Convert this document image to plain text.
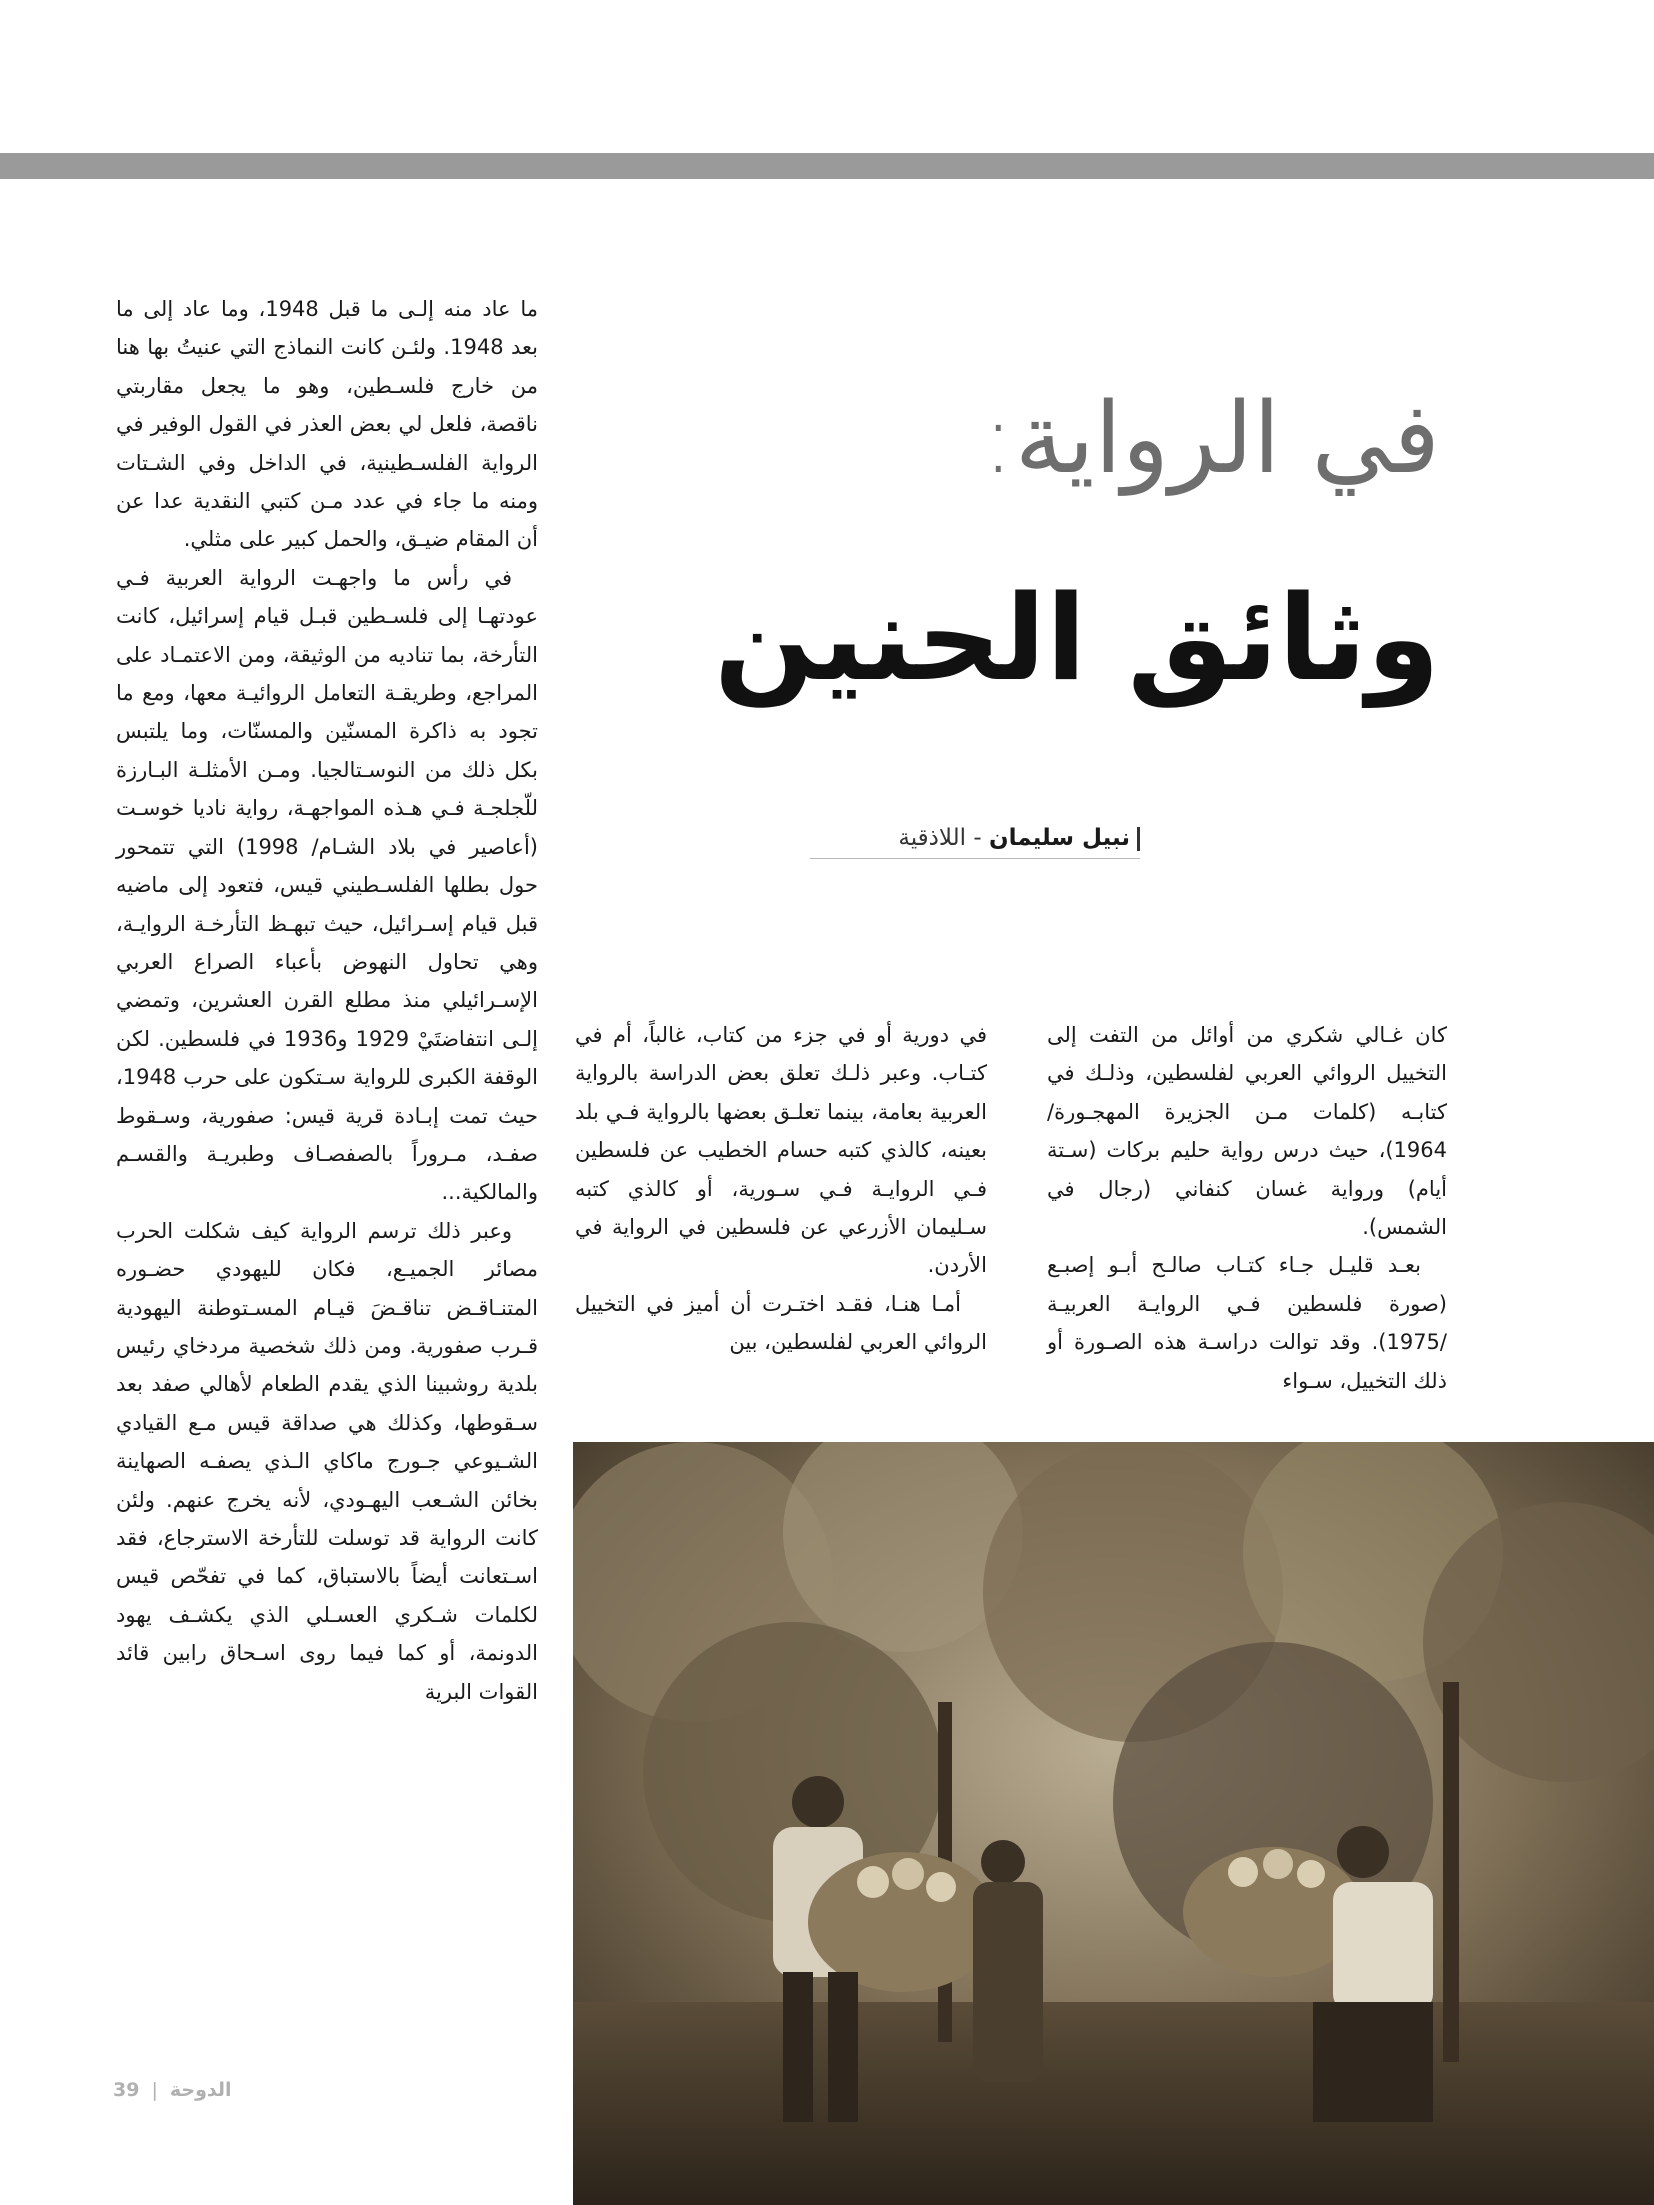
في الرواية:
وثائق الحنين
نبيل سليمان - اللاذقية

ما عاد منه إلـى ما قبل 1948، وما عاد إلى ما بعد 1948. ولئـن كانت النماذج التي عنيتُ بها هنا من خارج فلسـطين، وهو ما يجعل مقاربتي ناقصة، فلعل لي بعض العذر في القول الوفير في الرواية الفلسـطينية، في الداخل وفي الشـتات ومنه ما جاء في عدد مـن كتبي النقدية عدا عن أن المقام ضيـق، والحمل كبير على مثلي.

في رأس ما واجهـت الرواية العربية فـي عودتهـا إلى فلسـطين قبـل قيام إسرائيل، كانت التأرخة، بما تناديه من الوثيقة، ومن الاعتمـاد على المراجع، وطريقـة التعامل الروائيـة معها، ومع ما تجود به ذاكرة المسنّين والمسنّات، وما يلتبس بكل ذلك من النوسـتالجيا. ومـن الأمثلـة البـارزة للّجلجـة فـي هـذه المواجهـة، رواية ناديا خوسـت (أعاصير في بلاد الشـام/ 1998) التي تتمحور حول بطلها الفلسـطيني قيس، فتعود إلى ماضيه قبل قيام إسـرائيل، حيث تبهـظ التأرخـة الروايـة، وهي تحاول النهوض بأعباء الصراع العربي الإسـرائيلي منذ مطلع القرن العشرين، وتمضي إلـى انتفاضتَيْ 1929 و1936 في فلسطين. لكن الوقفة الكبرى للرواية سـتكون على حرب 1948، حيث تمت إبـادة قرية قيس: صفورية، وسـقوط صفـد، مـروراً بالصفصـاف وطبريـة والقسـم والمالكية...

وعبر ذلك ترسم الرواية كيف شكلت الحرب مصائر الجميـع، فكان لليهودي حضـوره المتنـاقـض تناقـضَ قيـام المسـتوطنة اليهودية قـرب صفورية. ومن ذلك شخصية مردخاي رئيس بلدية روشبينا الذي يقدم الطعام لأهالي صفد بعد سـقوطها، وكذلك هي صداقة قيس مـع القيادي الشـيوعي جـورج ماكاي الـذي يصفـه الصهاينة بخائن الشـعب اليهـودي، لأنه يخرج عنهم. ولئن كانت الرواية قد توسلت للتأرخة الاسترجاع، فقد اسـتعانت أيضاً بالاستباق، كما في تفحّص قيس لكلمات شـكري العسـلي الذي يكشـف يهود الدونمة، أو كما فيما روى اسـحاق رابين قائد القوات البرية

كان غـالي شكري من أوائل من التفت إلى التخييل الروائي العربي لفلسطين، وذلـك في كتابـه (كلمات مـن الجزيرة المهجـورة/ 1964)، حيث درس رواية حليم بركات (سـتة أيام) ورواية غسان كنفاني (رجال في الشمس).

بعـد قليـل جـاء كتـاب صالـح أبـو إصبـع (صورة فلسطين فـي الروايـة العربيـة /1975). وقد توالت دراسـة هذه الصـورة أو ذلك التخييل، سـواء

في دورية أو في جزء من كتاب، غالباً، أم في كتـاب. وعبر ذلـك تعلق بعض الدراسة بالرواية العربية بعامة، بينما تعلـق بعضها بالرواية فـي بلد بعينه، كالذي كتبه حسام الخطيب عن فلسطين فـي الروايـة فـي سـورية، أو كالذي كتبه سـليمان الأزرعي عن فلسطين في الرواية في الأردن.

أمـا هنـا، فقـد اختـرت أن أميز في التخييل الروائي العربي لفلسطين، بين

39 | الدوحة
